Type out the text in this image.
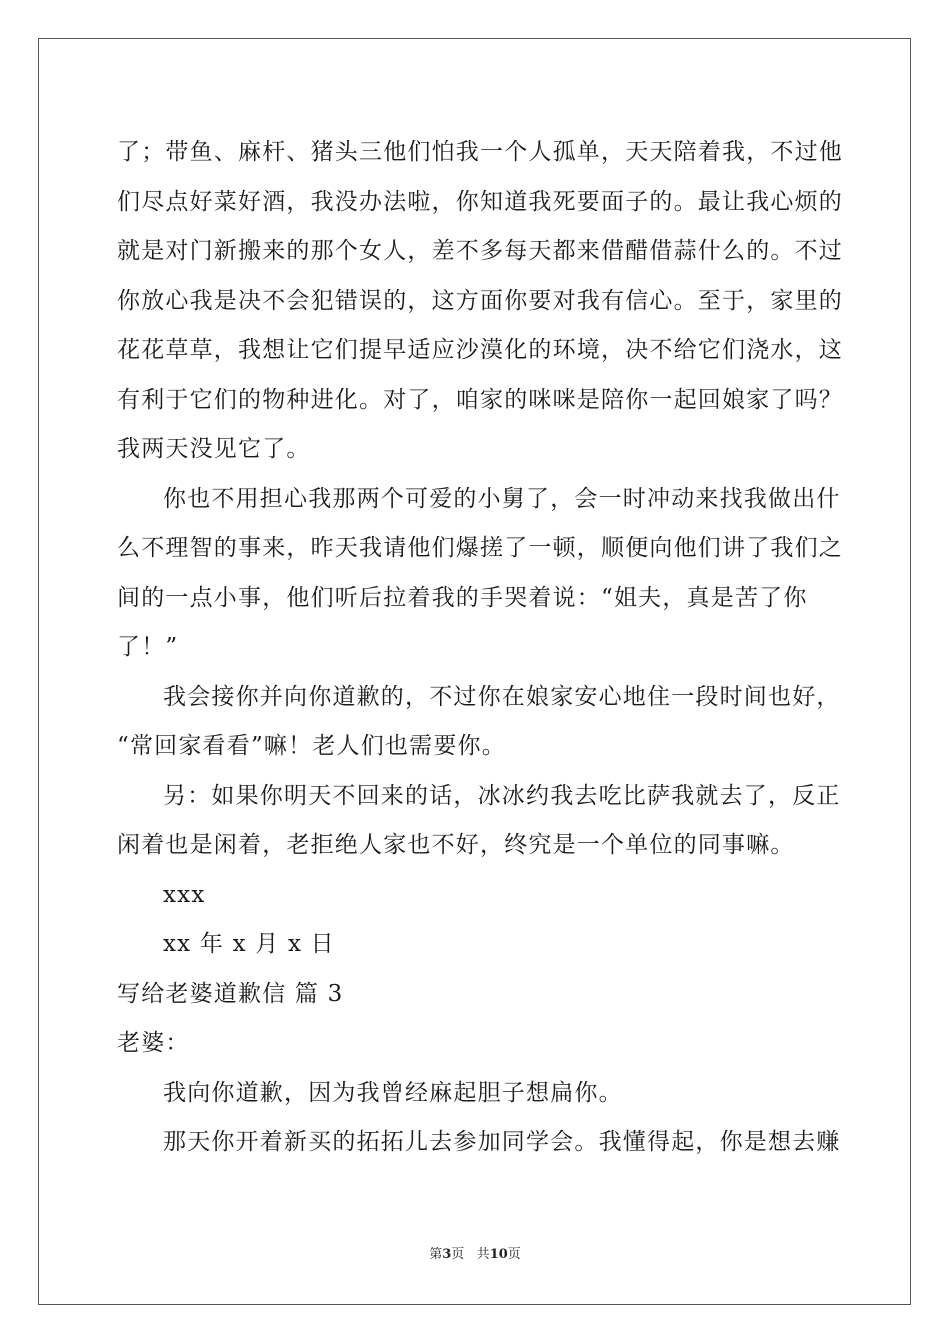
了；带鱼、麻杆、猪头三他们怕我一个人孤单，天天陪着我，不过他
们尽点好菜好酒，我没办法啦，你知道我死要面子的。最让我心烦的
就是对门新搬来的那个女人，差不多每天都来借醋借蒜什么的。不过
你放心我是决不会犯错误的，这方面你要对我有信心。至于，家里的
花花草草，我想让它们提早适应沙漠化的环境，决不给它们浇水，这
有利于它们的物种进化。对了，咱家的咪咪是陪你一起回娘家了吗？
我两天没见它了。
你也不用担心我那两个可爱的小舅了，会一时冲动来找我做出什
么不理智的事来，昨天我请他们爆搓了一顿，顺便向他们讲了我们之
间的一点小事，他们听后拉着我的手哭着说：“姐夫，真是苦了你
了！”
我会接你并向你道歉的，不过你在娘家安心地住一段时间也好，
“常回家看看”嘛！老人们也需要你。
另：如果你明天不回来的话，冰冰约我去吃比萨我就去了，反正
闲着也是闲着，老拒绝人家也不好，终究是一个单位的同事嘛。
xxx
xx 年 x 月 x 日
写给老婆道歉信 篇 3
老婆：
我向你道歉，因为我曾经麻起胆子想扁你。
那天你开着新买的拓拓儿去参加同学会。我懂得起，你是想去赚
第3页 共10页
